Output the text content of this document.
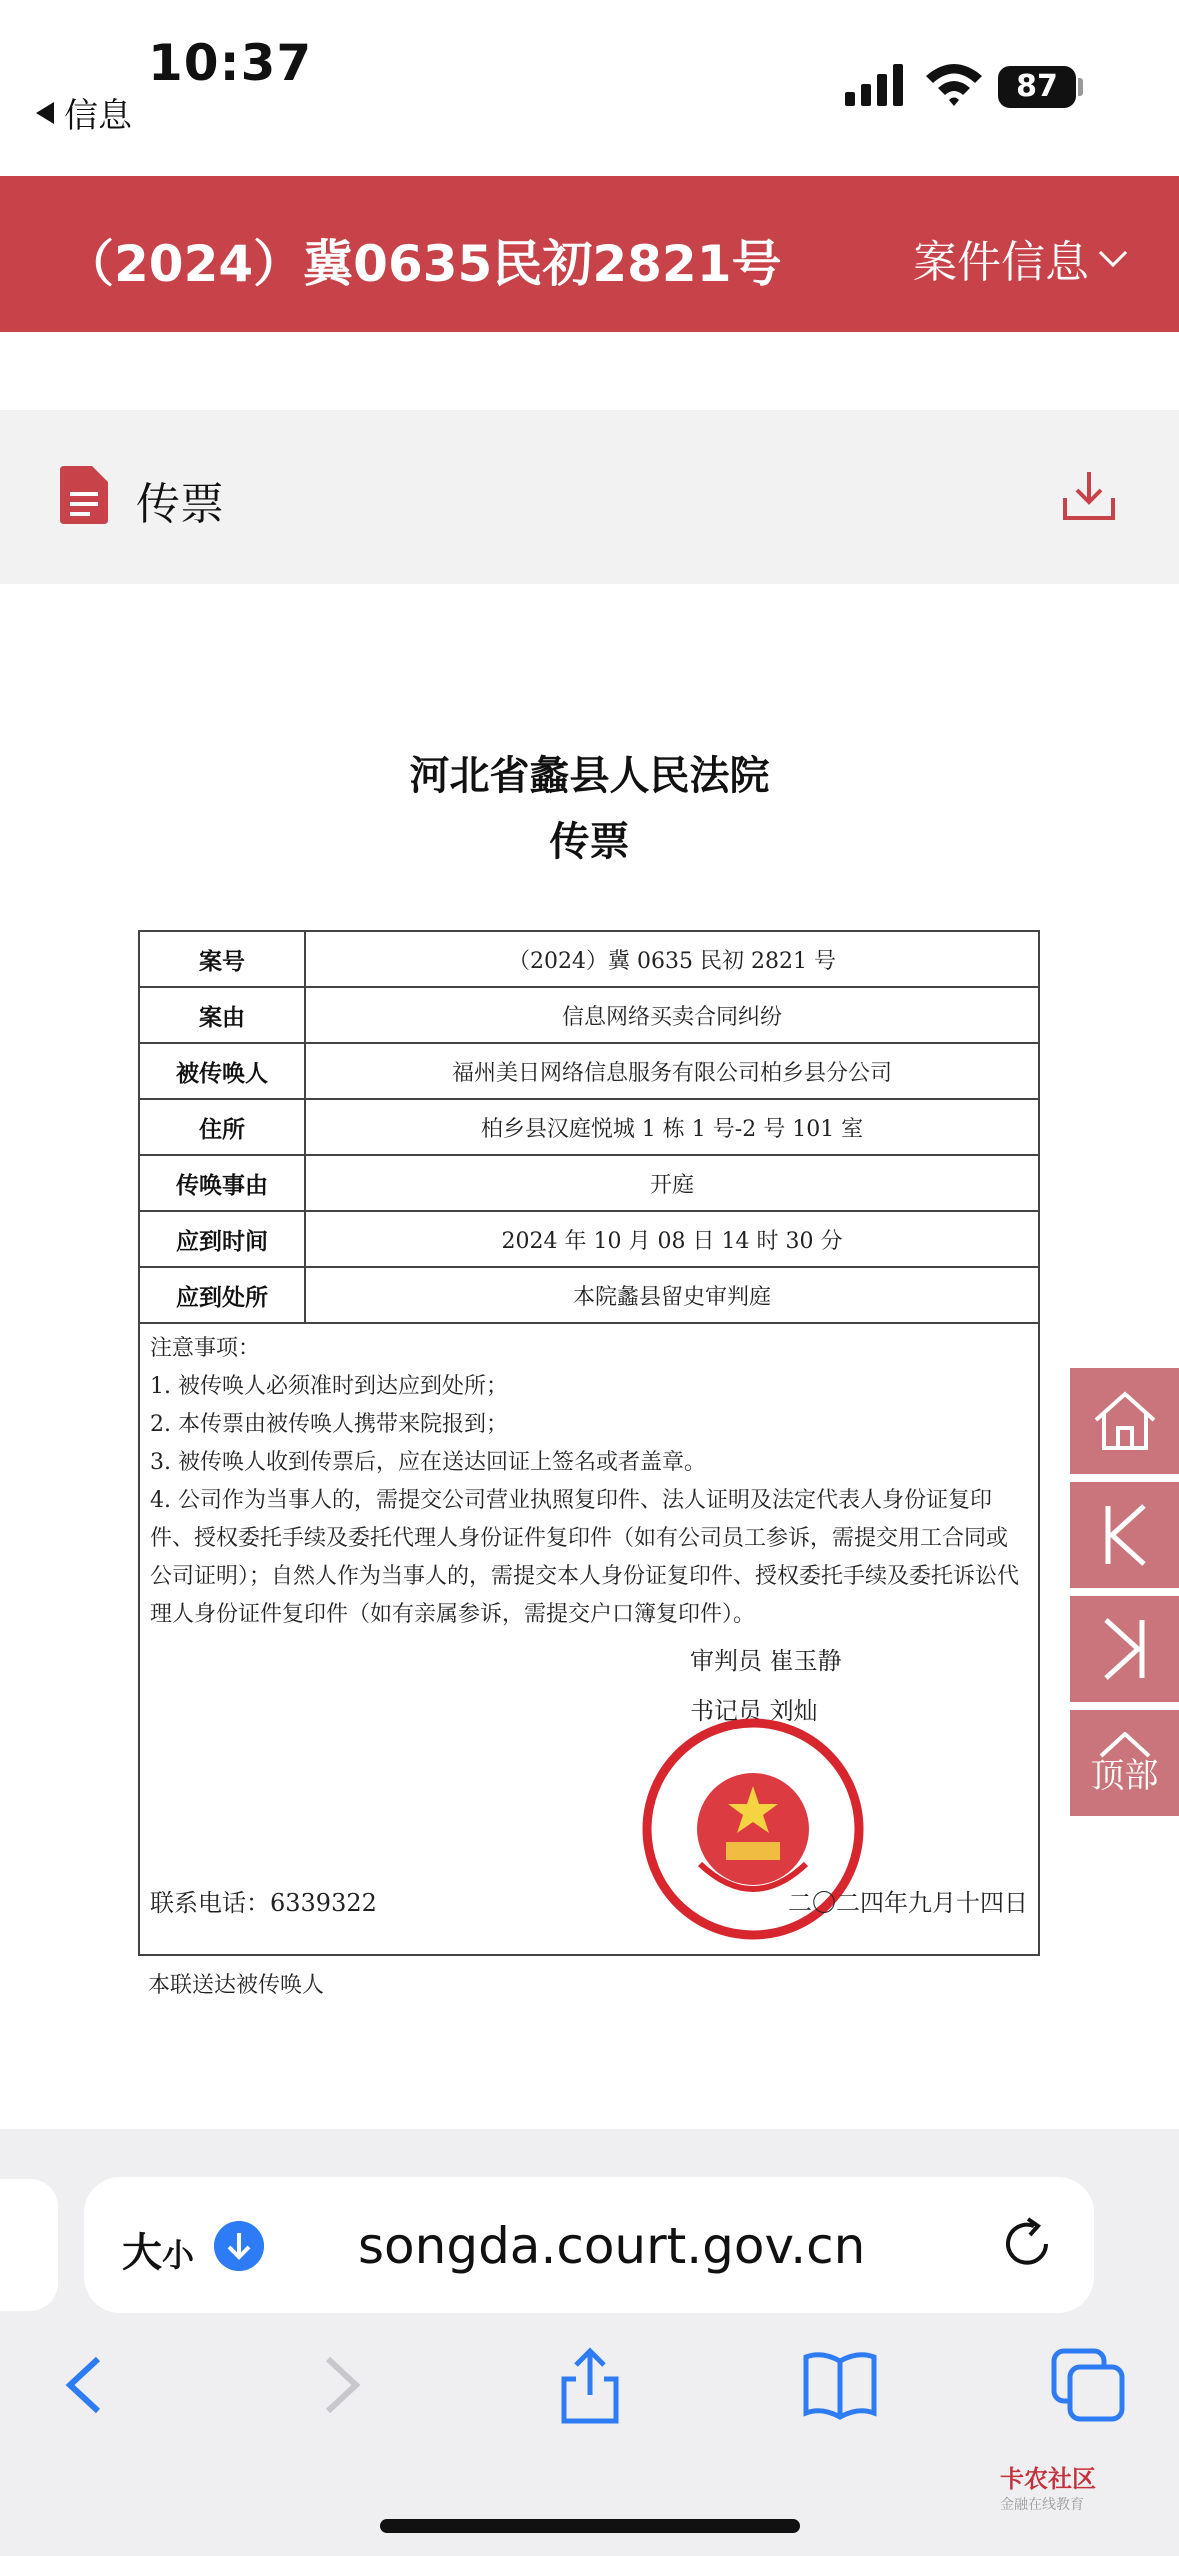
10:37
信息
87
（2024）冀0635民初2821号	案件信息
传票
河北省蠡县人民法院
传票
案号	（2024）冀 0635 民初 2821 号
案由	信息网络买卖合同纠纷
被传唤人	福州美日网络信息服务有限公司柏乡县分公司
住所	柏乡县汉庭悦城 1 栋 1 号-2 号 101 室
传唤事由	开庭
应到时间	2024 年 10 月 08 日 14 时 30 分
应到处所	本院蠡县留史审判庭

注意事项：

1. 被传唤人必须准时到达应到处所；

2. 本传票由被传唤人携带来院报到；

3. 被传唤人收到传票后，应在送达回证上签名或者盖章。

4. 公司作为当事人的，需提交公司营业执照复印件、法人证明及法定代表人身份证复印件、授权委托手续及委托代理人身份证件复印件（如有公司员工参诉，需提交用工合同或公司证明）；自然人作为当事人的，需提交本人身份证复印件、授权委托手续及委托诉讼代理人身份证件复印件（如有亲属参诉，需提交户口簿复印件）。

审判员 崔玉静
书记员 刘灿
联系电话：6339322	二〇二四年九月十四日
本联送达被传唤人
顶部
大小	songda.court.gov.cn
卡农社区
金融在线教育
